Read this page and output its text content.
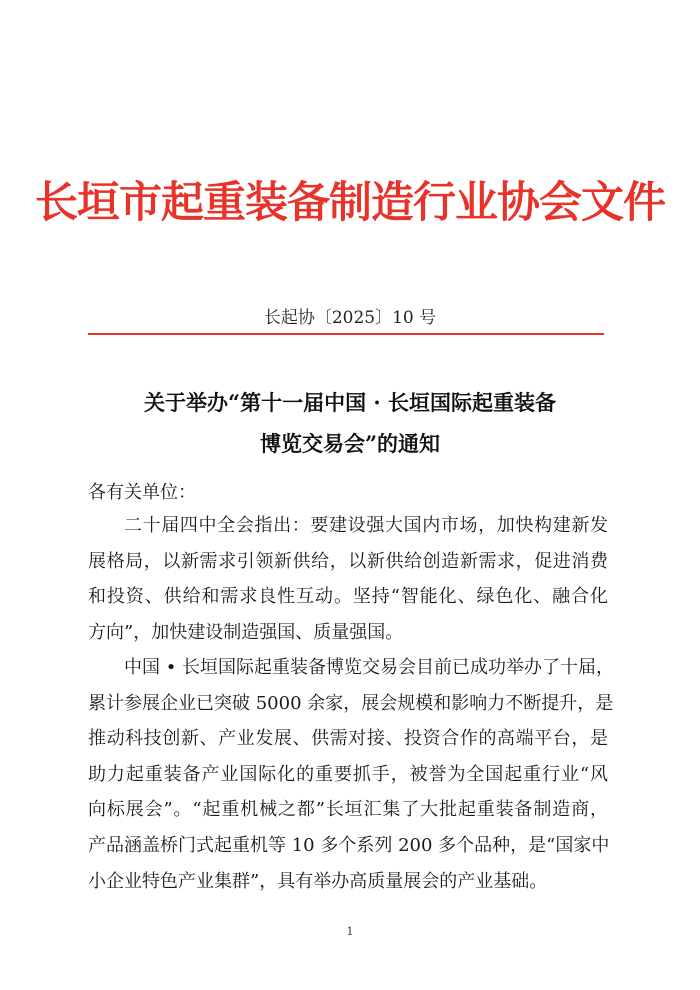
长垣市起重装备制造行业协会文件
长起协〔2025〕10 号
关于举办“第十一届中国 · 长垣国际起重装备
博览交易会”的通知
各有关单位：
二十届四中全会指出：要建设强大国内市场，加快构建新发
展格局，以新需求引领新供给，以新供给创造新需求，促进消费
和投资、供给和需求良性互动。坚持“智能化、绿色化、融合化
方向”，加快建设制造强国、质量强国。
中国 • 长垣国际起重装备博览交易会目前已成功举办了十届，
累计参展企业已突破 5000 余家，展会规模和影响力不断提升，是
推动科技创新、产业发展、供需对接、投资合作的高端平台，是
助力起重装备产业国际化的重要抓手，被誉为全国起重行业“风
向标展会”。“起重机械之都”长垣汇集了大批起重装备制造商，
产品涵盖桥门式起重机等 10 多个系列 200 多个品种，是“国家中
小企业特色产业集群”，具有举办高质量展会的产业基础。
1
